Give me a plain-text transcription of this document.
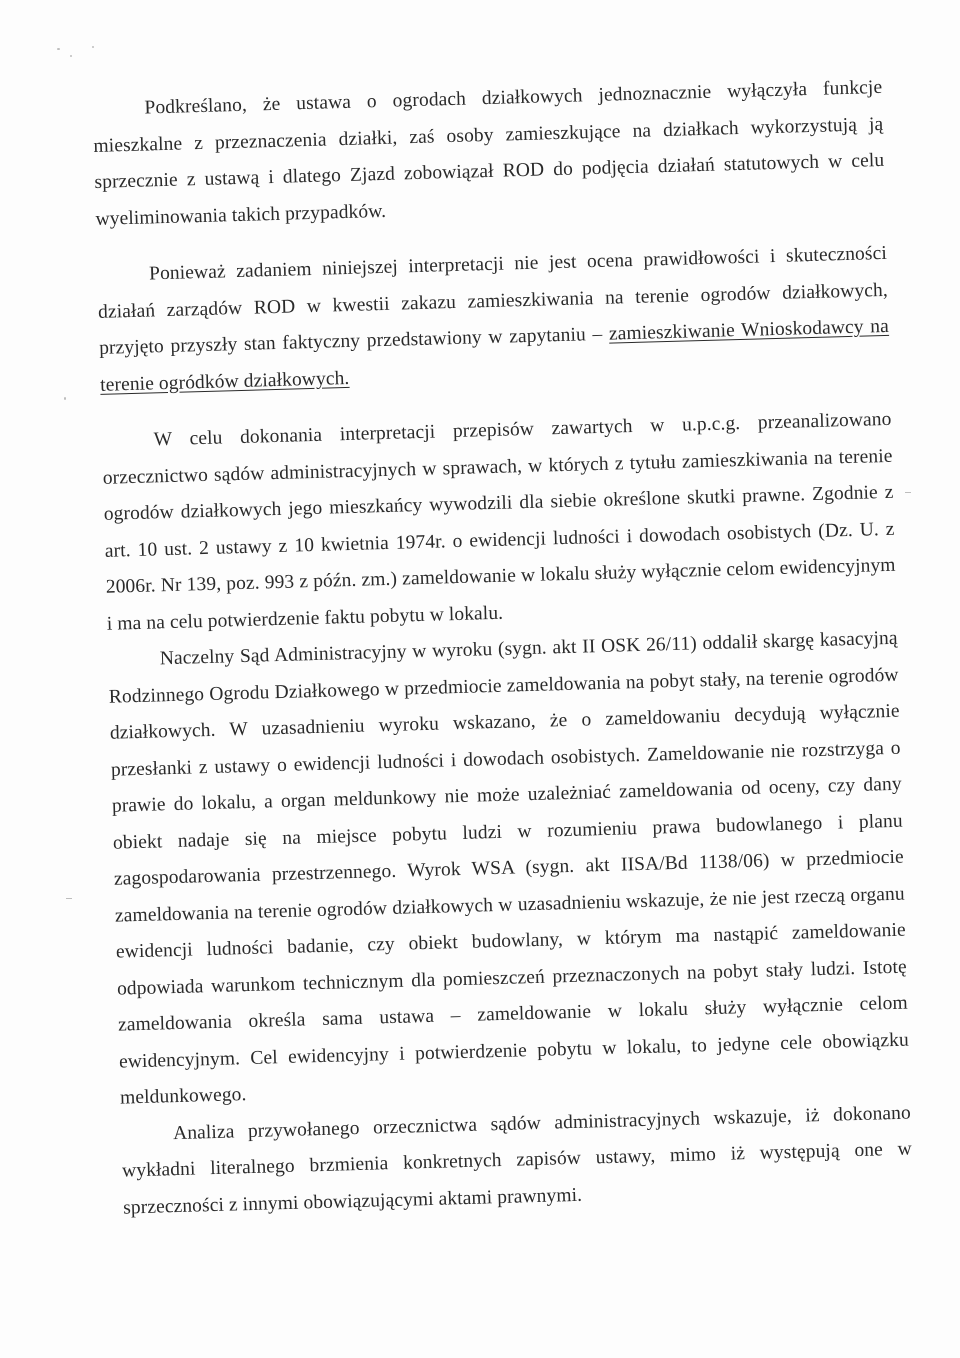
Podkreślano, że ustawa o ogrodach działkowych jednoznacznie wyłączyła funkcje mieszkalne z przeznaczenia działki, zaś osoby zamieszkujące na działkach wykorzystują ją sprzecznie z ustawą i dlatego Zjazd zobowiązał ROD do podjęcia działań statutowych w celu wyeliminowania takich przypadków.

Ponieważ zadaniem niniejszej interpretacji nie jest ocena prawidłowości i skuteczności działań zarządów ROD w kwestii zakazu zamieszkiwania na terenie ogrodów działkowych, przyjęto przyszły stan faktyczny przedstawiony w zapytaniu – zamieszkiwanie Wnioskodawcy na terenie ogródków działkowych.

W celu dokonania interpretacji przepisów zawartych w u.p.c.g. przeanalizowano orzecznictwo sądów administracyjnych w sprawach, w których z tytułu zamieszkiwania na terenie ogrodów działkowych jego mieszkańcy wywodzili dla siebie określone skutki prawne. Zgodnie z art. 10 ust. 2 ustawy z 10 kwietnia 1974r. o ewidencji ludności i dowodach osobistych (Dz. U. z 2006r. Nr 139, poz. 993 z późn. zm.) zameldowanie w lokalu służy wyłącznie celom ewidencyjnym i ma na celu potwierdzenie faktu pobytu w lokalu.

Naczelny Sąd Administracyjny w wyroku (sygn. akt II OSK 26/11) oddalił skargę kasacyjną Rodzinnego Ogrodu Działkowego w przedmiocie zameldowania na pobyt stały, na terenie ogrodów działkowych. W uzasadnieniu wyroku wskazano, że o zameldowaniu decydują wyłącznie przesłanki z ustawy o ewidencji ludności i dowodach osobistych. Zameldowanie nie rozstrzyga o prawie do lokalu, a organ meldunkowy nie może uzależniać zameldowania od oceny, czy dany obiekt nadaje się na miejsce pobytu ludzi w rozumieniu prawa budowlanego i planu zagospodarowania przestrzennego. Wyrok WSA (sygn. akt IISA/Bd 1138/06) w przedmiocie zameldowania na terenie ogrodów działkowych w uzasadnieniu wskazuje, że nie jest rzeczą organu ewidencji ludności badanie, czy obiekt budowlany, w którym ma nastąpić zameldowanie odpowiada warunkom technicznym dla pomieszczeń przeznaczonych na pobyt stały ludzi. Istotę zameldowania określa sama ustawa – zameldowanie w lokalu służy wyłącznie celom ewidencyjnym. Cel ewidencyjny i potwierdzenie pobytu w lokalu, to jedyne cele obowiązku meldunkowego.

Analiza przywołanego orzecznictwa sądów administracyjnych wskazuje, iż dokonano wykładni literalnego brzmienia konkretnych zapisów ustawy, mimo iż występują one w sprzeczności z innymi obowiązującymi aktami prawnymi.
